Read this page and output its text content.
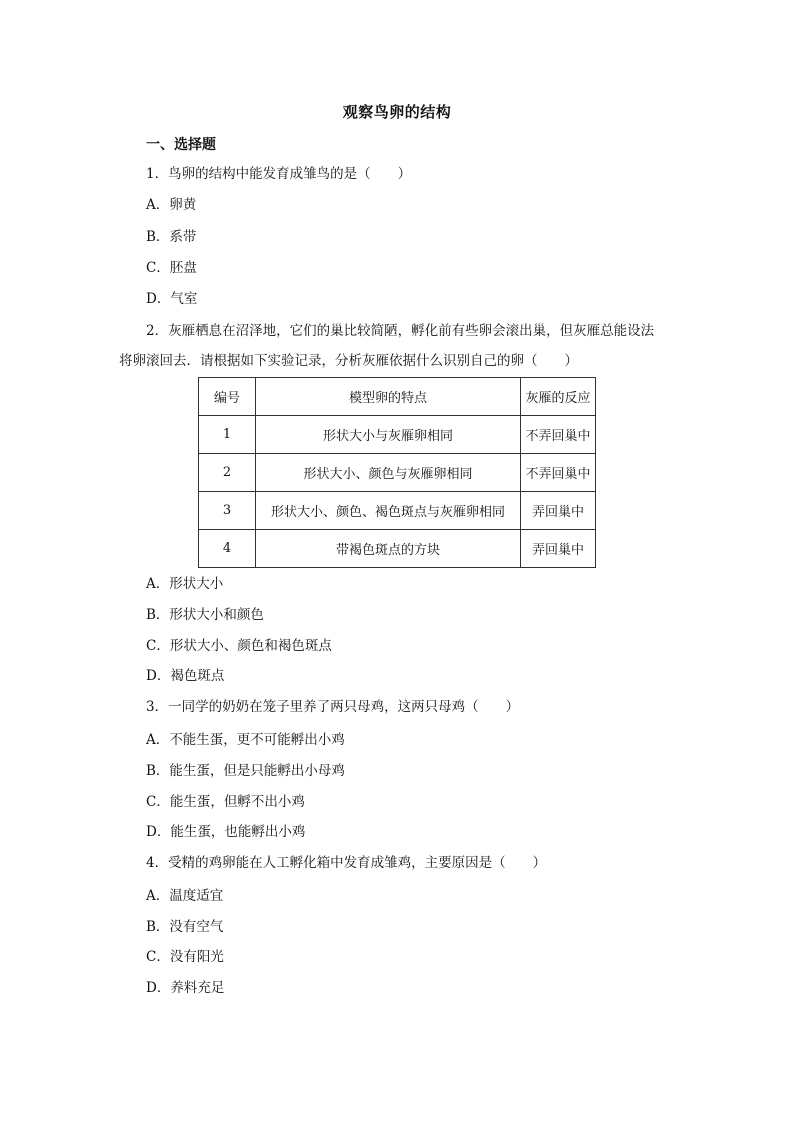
观察鸟卵的结构
一、选择题
1．鸟卵的结构中能发育成雏鸟的是（　　）
A．卵黄
B．系带
C．胚盘
D．气室
2．灰雁栖息在沼泽地，它们的巢比较简陋，孵化前有些卵会滚出巢，但灰雁总能设法
将卵滚回去．请根据如下实验记录，分析灰雁依据什么识别自己的卵（　　）
编号	模型卵的特点	灰雁的反应
1	形状大小与灰雁卵相同	不弄回巢中
2	形状大小、颜色与灰雁卵相同	不弄回巢中
3	形状大小、颜色、褐色斑点与灰雁卵相同	弄回巢中
4	带褐色斑点的方块	弄回巢中
A．形状大小
B．形状大小和颜色
C．形状大小、颜色和褐色斑点
D．褐色斑点
3．一同学的奶奶在笼子里养了两只母鸡，这两只母鸡（　　）
A．不能生蛋，更不可能孵出小鸡
B．能生蛋，但是只能孵出小母鸡
C．能生蛋，但孵不出小鸡
D．能生蛋，也能孵出小鸡
4．受精的鸡卵能在人工孵化箱中发育成雏鸡，主要原因是（　　）
A．温度适宜
B．没有空气
C．没有阳光
D．养料充足
